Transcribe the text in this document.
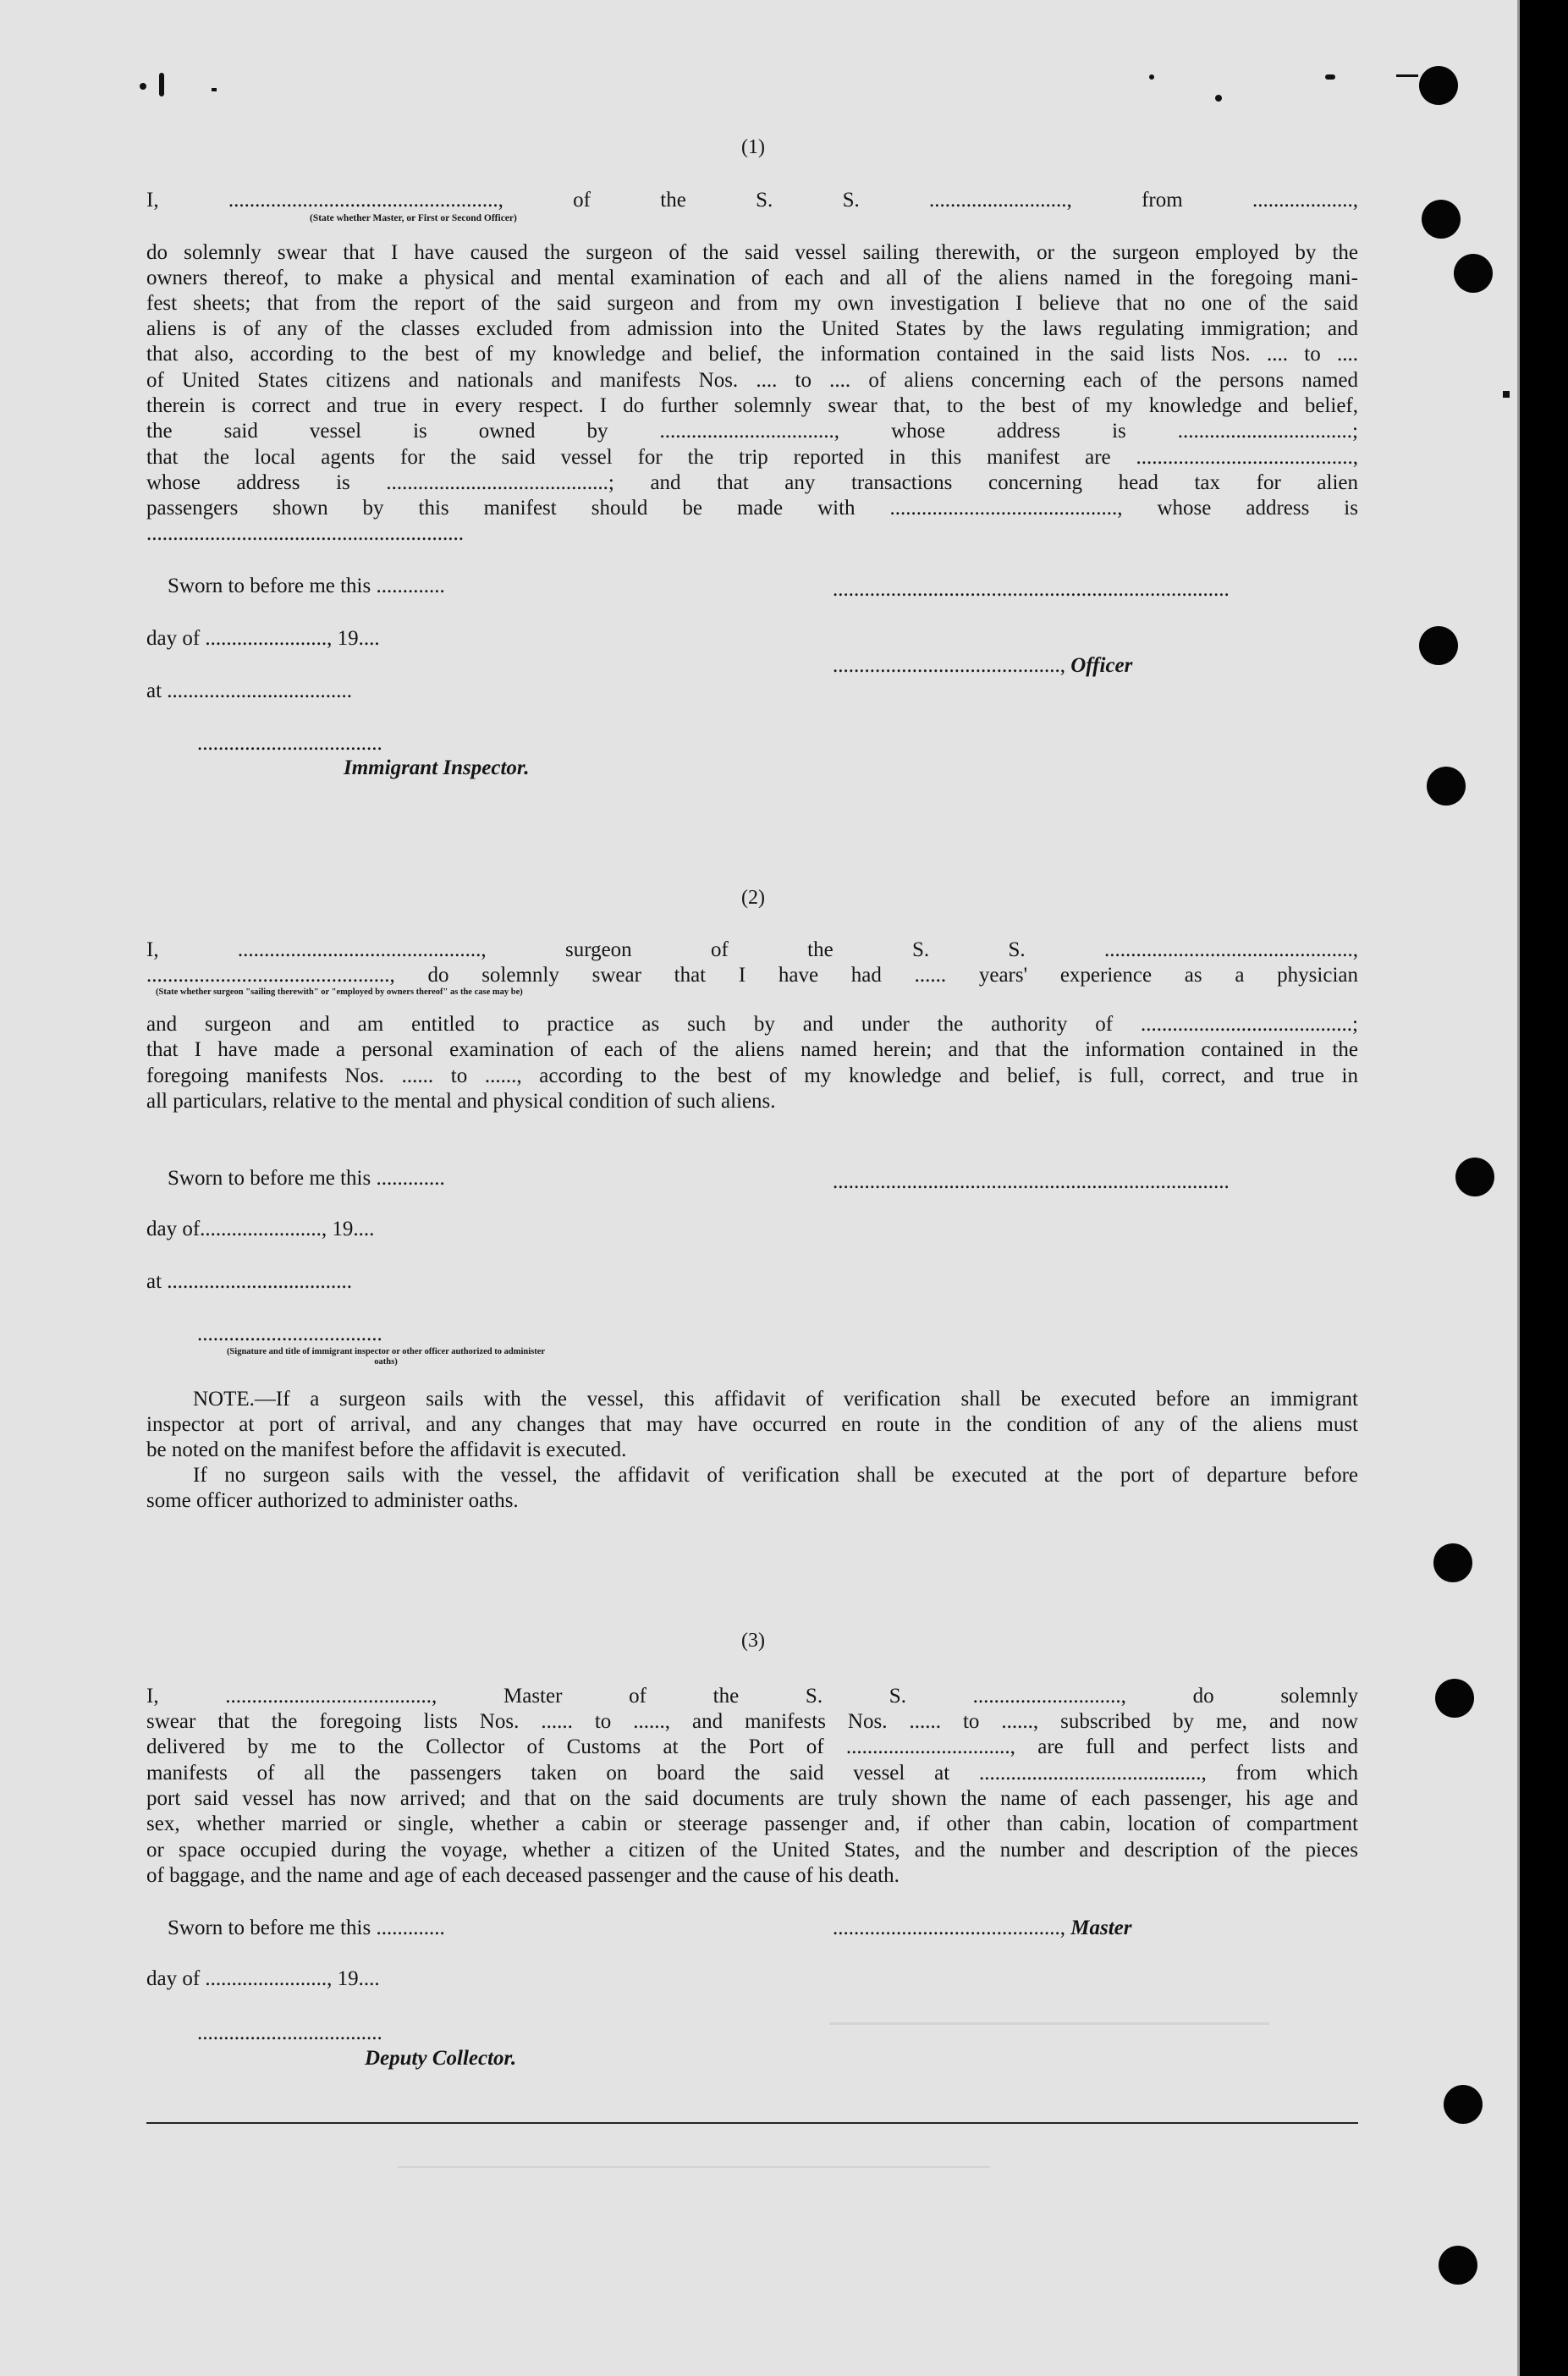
(1)
I, ..................................................., of the S. S. .........................., from ...................,
(State whether Master, or First or Second Officer)
do solemnly swear that I have caused the surgeon of the said vessel sailing therewith, or the surgeon employed by the
owners thereof, to make a physical and mental examination of each and all of the aliens named in the foregoing mani-
fest sheets; that from the report of the said surgeon and from my own investigation I believe that no one of the said
aliens is of any of the classes excluded from admission into the United States by the laws regulating immigration; and
that also, according to the best of my knowledge and belief, the information contained in the said lists Nos. .... to ....
of United States citizens and nationals and manifests Nos. .... to .... of aliens concerning each of the persons named
therein is correct and true in every respect. I do further solemnly swear that, to the best of my knowledge and belief,
the said vessel is owned by ................................., whose address is .................................;
that the local agents for the said vessel for the trip reported in this manifest are .........................................,
whose address is ..........................................; and that any transactions concerning head tax for alien
passengers shown by this manifest should be made with ..........................................., whose address is
............................................................
Sworn to before me this .............	...........................................................................
day of ......................., 19....
..........................................., Officer
at ...................................
...................................
Immigrant Inspector.
(2)
I, .............................................., surgeon of the S. S. ...............................................,
.............................................., do solemnly swear that I have had ...... years' experience as a physician
(State whether surgeon "sailing therewith" or "employed by owners thereof" as the case may be)
and surgeon and am entitled to practice as such by and under the authority of ........................................;
that I have made a personal examination of each of the aliens named herein; and that the information contained in the
foregoing manifests Nos. ...... to ......, according to the best of my knowledge and belief, is full, correct, and true in
all particulars, relative to the mental and physical condition of such aliens.
Sworn to before me this .............	...........................................................................
day of......................., 19....
at ...................................
...................................
(Signature and title of immigrant inspector or other officer authorized to administer oaths)
NOTE.—If a surgeon sails with the vessel, this affidavit of verification shall be executed before an immigrant
inspector at port of arrival, and any changes that may have occurred en route in the condition of any of the aliens must
be noted on the manifest before the affidavit is executed.
If no surgeon sails with the vessel, the affidavit of verification shall be executed at the port of departure before
some officer authorized to administer oaths.
(3)
I, ......................................., Master of the S. S. ............................, do solemnly
swear that the foregoing lists Nos. ...... to ......, and manifests Nos. ...... to ......, subscribed by me, and now
delivered by me to the Collector of Customs at the Port of ..............................., are full and perfect lists and
manifests of all the passengers taken on board the said vessel at .........................................., from which
port said vessel has now arrived; and that on the said documents are truly shown the name of each passenger, his age and
sex, whether married or single, whether a cabin or steerage passenger and, if other than cabin, location of compartment
or space occupied during the voyage, whether a citizen of the United States, and the number and description of the pieces
of baggage, and the name and age of each deceased passenger and the cause of his death.
Sworn to before me this .............	..........................................., Master
day of ......................., 19....
...................................
Deputy Collector.
